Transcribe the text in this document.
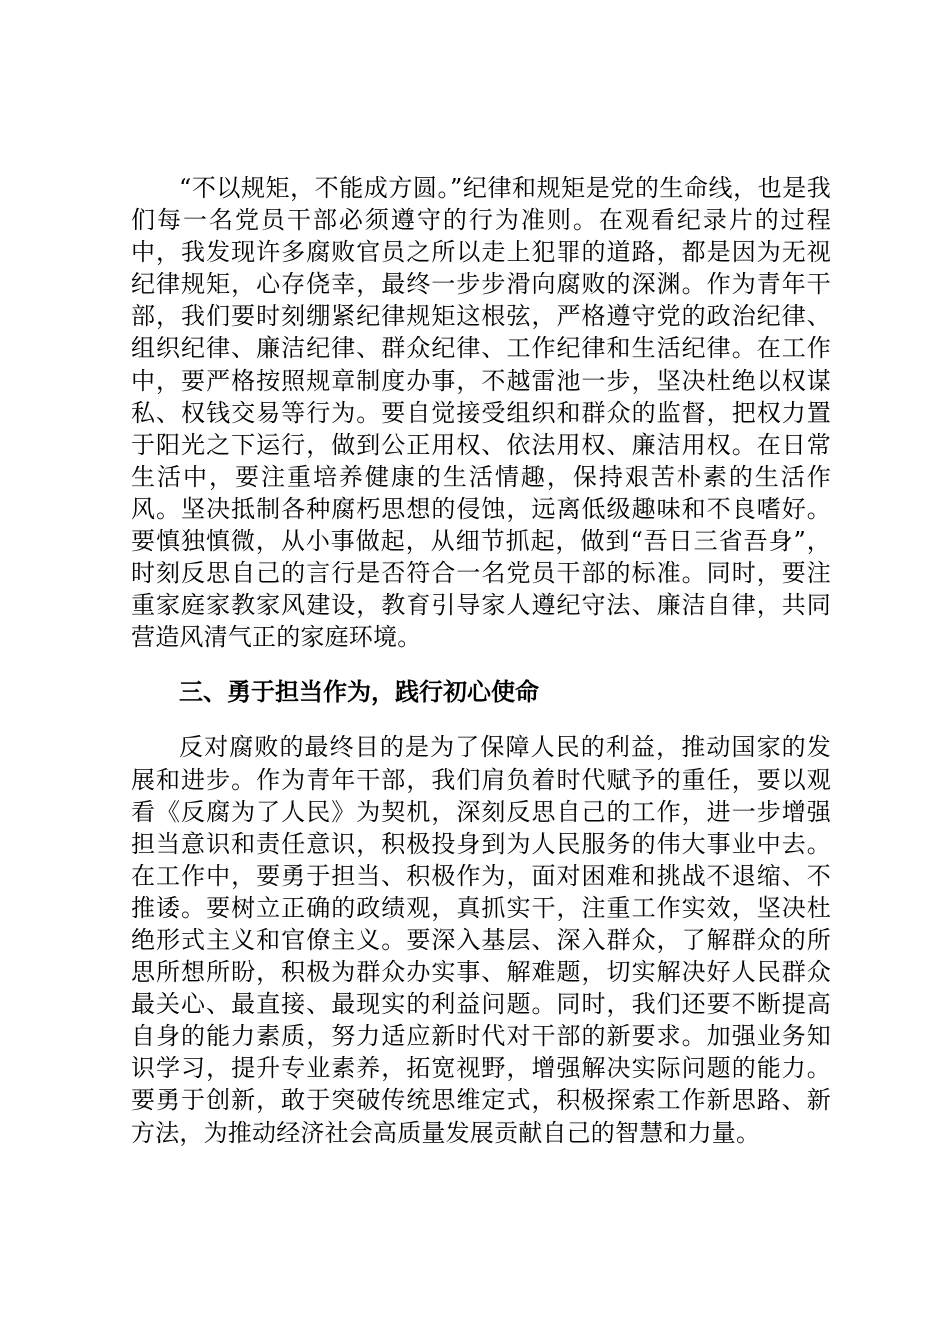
“不以规矩，不能成方圆。”纪律和规矩是党的生命线，也是我们每一名党员干部必须遵守的行为准则。在观看纪录片的过程中，我发现许多腐败官员之所以走上犯罪的道路，都是因为无视纪律规矩，心存侥幸，最终一步步滑向腐败的深渊。作为青年干部，我们要时刻绷紧纪律规矩这根弦，严格遵守党的政治纪律、组织纪律、廉洁纪律、群众纪律、工作纪律和生活纪律。在工作中，要严格按照规章制度办事，不越雷池一步，坚决杜绝以权谋私、权钱交易等行为。要自觉接受组织和群众的监督，把权力置于阳光之下运行，做到公正用权、依法用权、廉洁用权。在日常生活中，要注重培养健康的生活情趣，保持艰苦朴素的生活作风。坚决抵制各种腐朽思想的侵蚀，远离低级趣味和不良嗜好。要慎独慎微，从小事做起，从细节抓起，做到“吾日三省吾身”，时刻反思自己的言行是否符合一名党员干部的标准。同时，要注重家庭家教家风建设，教育引导家人遵纪守法、廉洁自律，共同营造风清气正的家庭环境。

三、勇于担当作为，践行初心使命

反对腐败的最终目的是为了保障人民的利益，推动国家的发展和进步。作为青年干部，我们肩负着时代赋予的重任，要以观看《反腐为了人民》为契机，深刻反思自己的工作，进一步增强担当意识和责任意识，积极投身到为人民服务的伟大事业中去。在工作中，要勇于担当、积极作为，面对困难和挑战不退缩、不推诿。要树立正确的政绩观，真抓实干，注重工作实效，坚决杜绝形式主义和官僚主义。要深入基层、深入群众，了解群众的所思所想所盼，积极为群众办实事、解难题，切实解决好人民群众最关心、最直接、最现实的利益问题。同时，我们还要不断提高自身的能力素质，努力适应新时代对干部的新要求。加强业务知识学习，提升专业素养，拓宽视野，增强解决实际问题的能力。要勇于创新，敢于突破传统思维定式，积极探索工作新思路、新方法，为推动经济社会高质量发展贡献自己的智慧和力量。
